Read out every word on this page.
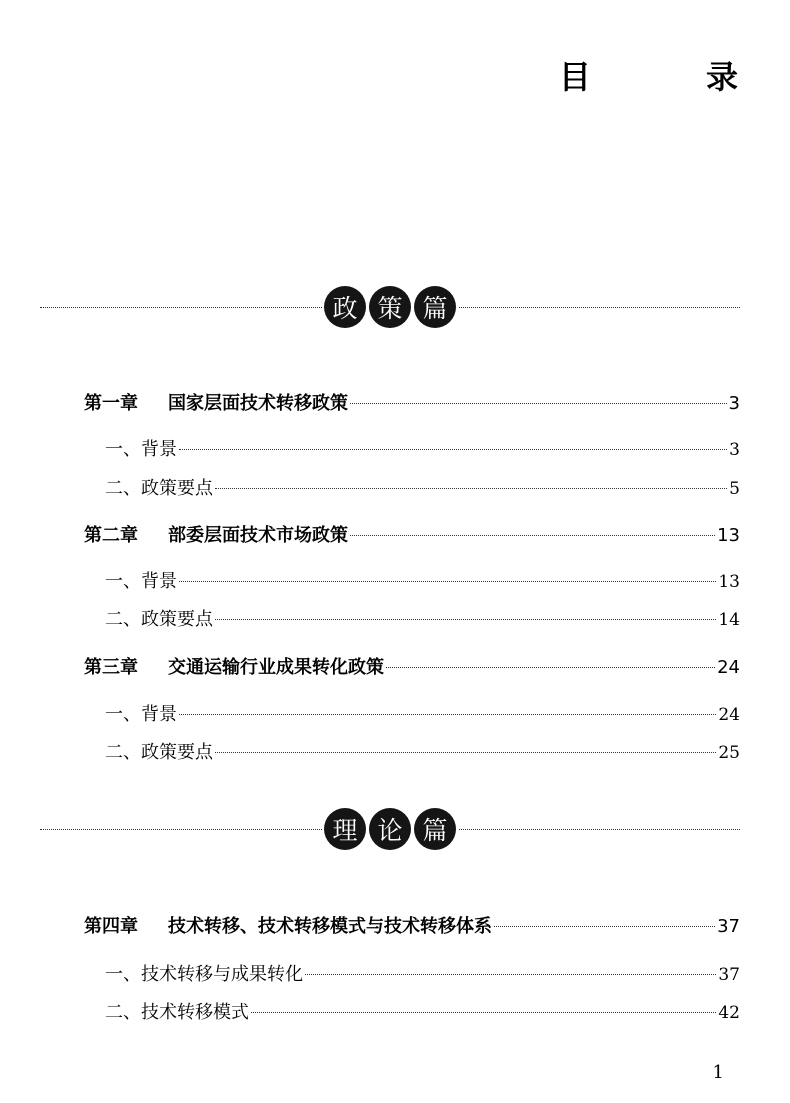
目 录
政 策 篇
第一章 国家层面技术转移政策	3
一、背景	3
二、政策要点	5
第二章 部委层面技术市场政策	13
一、背景	13
二、政策要点	14
第三章 交通运输行业成果转化政策	24
一、背景	24
二、政策要点	25
理 论 篇
第四章 技术转移、技术转移模式与技术转移体系	37
一、技术转移与成果转化	37
二、技术转移模式	42
1
